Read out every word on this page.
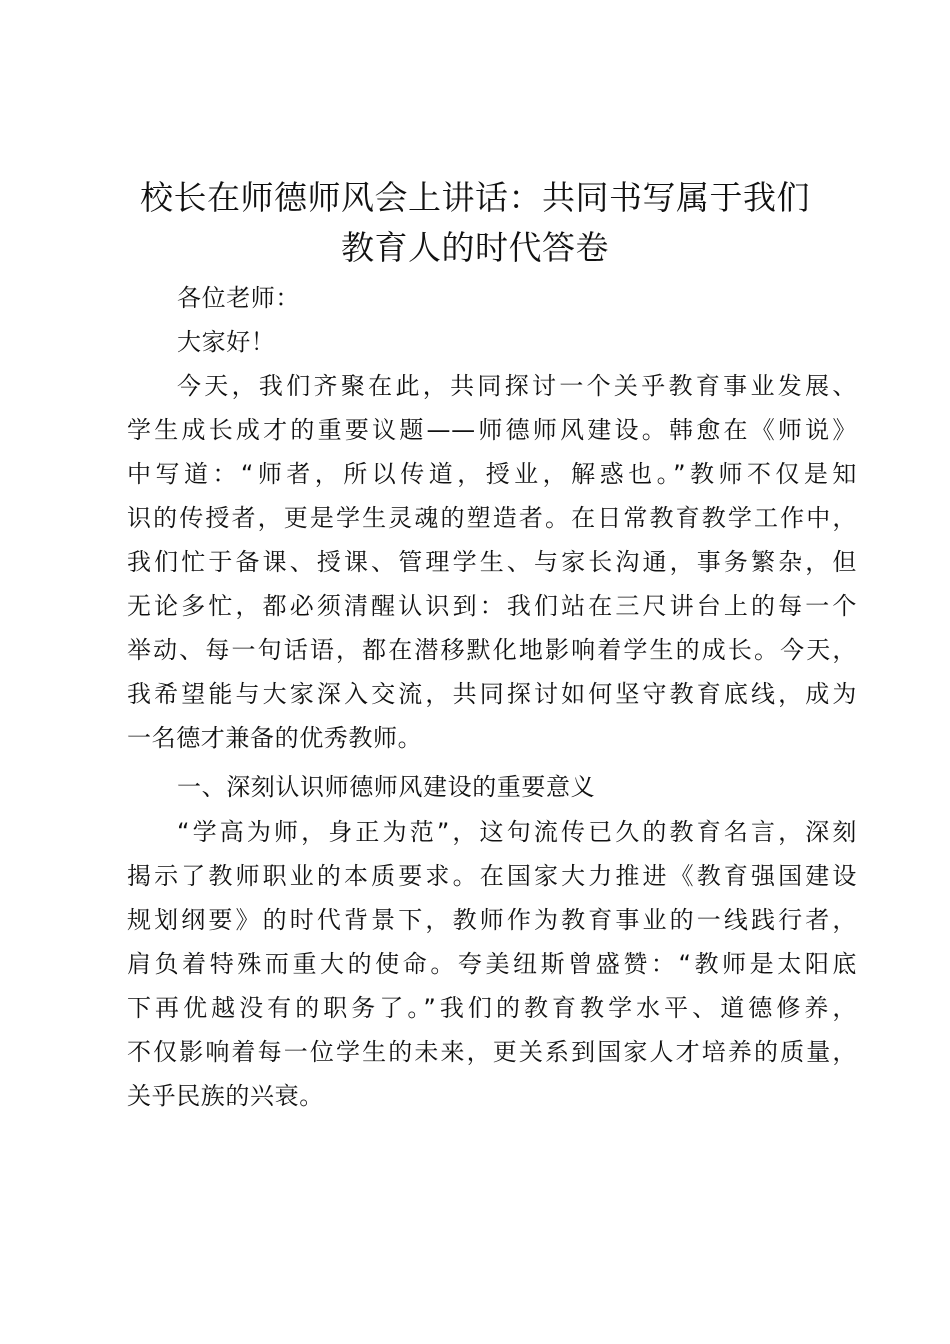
校长在师德师风会上讲话：共同书写属于我们
教育人的时代答卷
各位老师：
大家好！
今天，我们齐聚在此，共同探讨一个关乎教育事业发展、
学生成长成才的重要议题——师德师风建设。韩愈在《师说》
中写道：“师者，所以传道，授业，解惑也。”教师不仅是知
识的传授者，更是学生灵魂的塑造者。在日常教育教学工作中，
我们忙于备课、授课、管理学生、与家长沟通，事务繁杂，但
无论多忙，都必须清醒认识到：我们站在三尺讲台上的每一个
举动、每一句话语，都在潜移默化地影响着学生的成长。今天，
我希望能与大家深入交流，共同探讨如何坚守教育底线，成为
一名德才兼备的优秀教师。
一、深刻认识师德师风建设的重要意义
“学高为师，身正为范”，这句流传已久的教育名言，深刻
揭示了教师职业的本质要求。在国家大力推进《教育强国建设
规划纲要》的时代背景下，教师作为教育事业的一线践行者，
肩负着特殊而重大的使命。夸美纽斯曾盛赞：“教师是太阳底
下再优越没有的职务了。”我们的教育教学水平、道德修养，
不仅影响着每一位学生的未来，更关系到国家人才培养的质量，
关乎民族的兴衰。
